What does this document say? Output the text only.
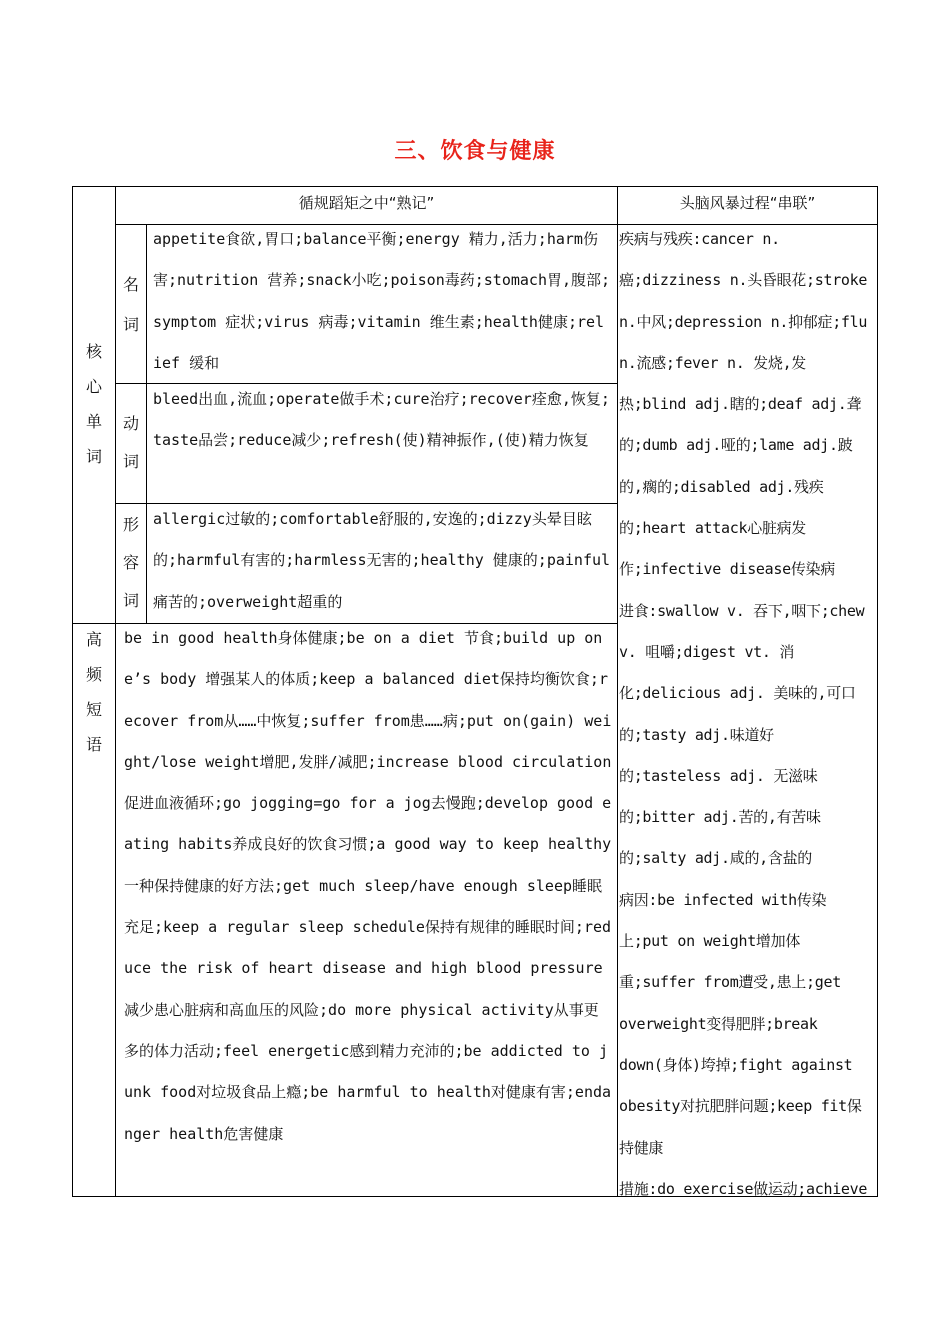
三、饮食与健康
循规蹈矩之中“熟记”	头脑风暴过程“串联”
核
心
单
词
名
词
动
词
形
容
词
高
频
短
语
appetite食欲,胃口;balance平衡;energy 精力,活力;harm伤害;nutrition 营养;snack小吃;poison毒药;stomach胃,腹部;symptom 症状;virus 病毒;vitamin 维生素;health健康;relief 缓和
bleed出血,流血;operate做手术;cure治疗;recover痊愈,恢复;taste品尝;reduce减少;refresh(使)精神振作,(使)精力恢复
allergic过敏的;comfortable舒服的,安逸的;dizzy头晕目眩的;harmful有害的;harmless无害的;healthy 健康的;painful痛苦的;overweight超重的
be in good health身体健康;be on a diet 节食;build up one’s body 增强某人的体质;keep a balanced diet保持均衡饮食;recover from从……中恢复;suffer from患……病;put on(gain) weight/lose weight增肥,发胖/减肥;increase blood circulation促进血液循环;go jogging=go for a jog去慢跑;develop good eating habits养成良好的饮食习惯;a good way to keep healthy一种保持健康的好方法;get much sleep/have enough sleep睡眠充足;keep a regular sleep schedule保持有规律的睡眠时间;reduce the risk of heart disease and high blood pressure减少患心脏病和高血压的风险;do more physical activity从事更多的体力活动;feel energetic感到精力充沛的;be addicted to junk food对垃圾食品上瘾;be harmful to health对健康有害;endanger health危害健康
疾病与残疾:cancer n.
癌;dizziness n.头昏眼花;stroke
n.中风;depression n.抑郁症;flu
n.流感;fever n. 发烧,发
热;blind adj.瞎的;deaf adj.聋
的;dumb adj.哑的;lame adj.跛
的,瘸的;disabled adj.残疾
的;heart attack心脏病发
作;infective disease传染病
进食:swallow v. 吞下,咽下;chew
v. 咀嚼;digest vt. 消
化;delicious adj. 美味的,可口
的;tasty adj.味道好
的;tasteless adj. 无滋味
的;bitter adj.苦的,有苦味
的;salty adj.咸的,含盐的
病因:be infected with传染
上;put on weight增加体
重;suffer from遭受,患上;get
overweight变得肥胖;break
down(身体)垮掉;fight against
obesity对抗肥胖问题;keep fit保
持健康
措施:do exercise做运动;achieve
